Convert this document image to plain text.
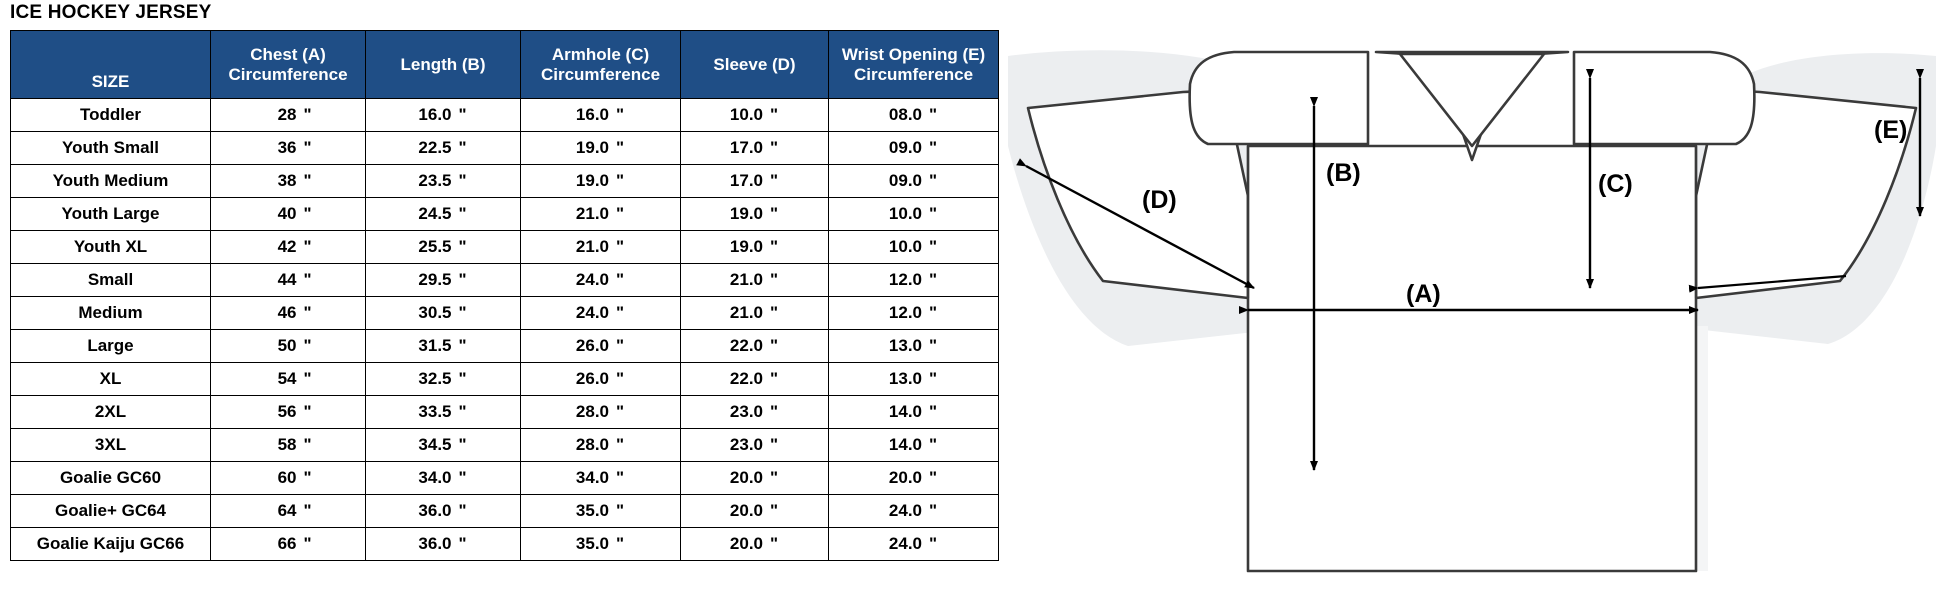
ICE HOCKEY JERSEY
SIZE	Chest (A) Circumference	Length (B)	Armhole (C) Circumference	Sleeve (D)	Wrist Opening (E) Circumference
Toddler	28 "	16.0 "	16.0 "	10.0 "	08.0 "
Youth Small	36 "	22.5 "	19.0 "	17.0 "	09.0 "
Youth Medium	38 "	23.5 "	19.0 "	17.0 "	09.0 "
Youth Large	40 "	24.5 "	21.0 "	19.0 "	10.0 "
Youth XL	42 "	25.5 "	21.0 "	19.0 "	10.0 "
Small	44 "	29.5 "	24.0 "	21.0 "	12.0 "
Medium	46 "	30.5 "	24.0 "	21.0 "	12.0 "
Large	50 "	31.5 "	26.0 "	22.0 "	13.0 "
XL	54 "	32.5 "	26.0 "	22.0 "	13.0 "
2XL	56 "	33.5 "	28.0 "	23.0 "	14.0 "
3XL	58 "	34.5 "	28.0 "	23.0 "	14.0 "
Goalie GC60	60 "	34.0 "	34.0 "	20.0 "	20.0 "
Goalie+ GC64	64 "	36.0 "	35.0 "	20.0 "	24.0 "
Goalie Kaiju GC66	66 "	36.0 "	35.0 "	20.0 "	24.0 "
(A)
(B)	(C)
(D)
(E)
